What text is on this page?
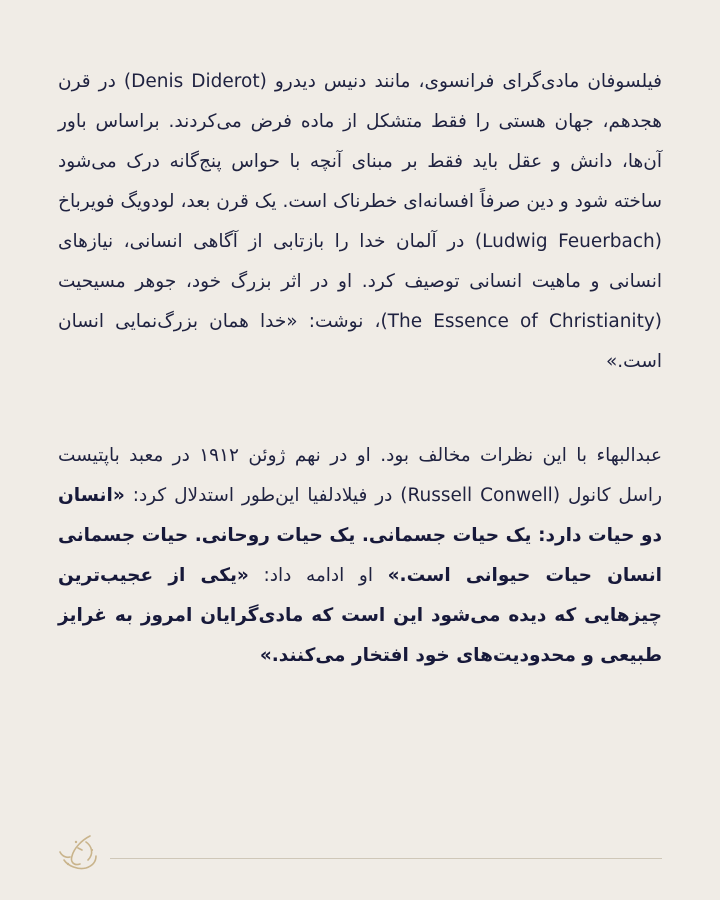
فیلسوفان مادی‌گرای فرانسوی، مانند دنیس دیدرو (Denis Diderot) در قرن هجدهم، جهان هستی را فقط متشکل از ماده فرض می‌کردند. براساس باور آن‌ها، دانش و عقل باید فقط بر مبنای آنچه با حواس پنج‌گانه درک می‌شود ساخته شود و دین صرفاً افسانه‌ای خطرناک است. یک قرن بعد، لودویگ فویرباخ (Ludwig Feuerbach) در آلمان خدا را بازتابی از آگاهی انسانی، نیازهای انسانی و ماهیت انسانی توصیف کرد. او در اثر بزرگ خود، جوهر مسیحیت (The Essence of Christianity)، نوشت: «خدا همان بزرگ‌نمایی انسان است.»

عبدالبهاء با این نظرات مخالف بود. او در نهم ژوئن ۱۹۱۲ در معبد باپتیست راسل کانول (Russell Conwell) در فیلادلفیا این‌طور استدلال کرد: «انسان دو حیات دارد: یک حیات جسمانی. یک حیات روحانی. حیات جسمانی انسان حیات حیوانی است.» او ادامه داد: «یکی از عجیب‌ترین چیزهایی که دیده می‌شود این است که مادی‌گرایان امروز به غرایز طبیعی و محدودیت‌های خود افتخار می‌کنند.»
